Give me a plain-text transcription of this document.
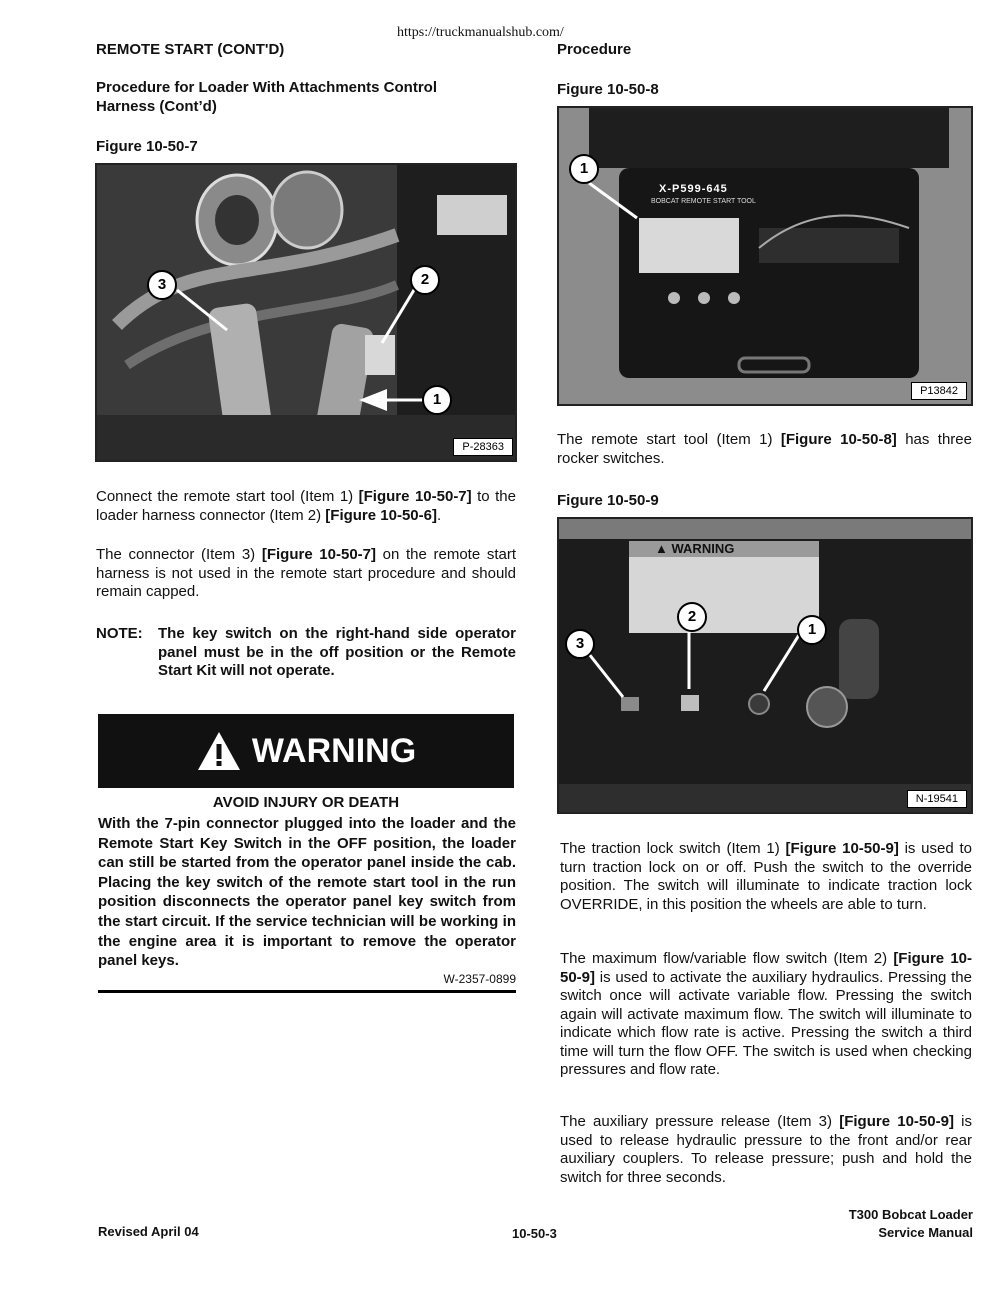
https://truckmanualshub.com/
REMOTE START (CONT'D)	Procedure
Procedure for Loader With Attachments Control
Harness (Cont’d)
Figure 10-50-7
3	2
1
P-28363
Connect the remote start tool (Item 1) [Figure 10-50-7] to the loader harness connector (Item 2) [Figure 10-50-6].
The connector (Item 3) [Figure 10-50-7] on the remote start harness is not used in the remote start procedure and should remain capped.
NOTE: The key switch on the right-hand side operator panel must be in the off position or the Remote Start Kit will not operate.
WARNING
AVOID INJURY OR DEATH
With the 7-pin connector plugged into the loader and the Remote Start Key Switch in the OFF position, the loader can still be started from the operator panel inside the cab. Placing the key switch of the remote start tool in the run position disconnects the operator panel key switch from the start circuit. If the service technician will be working in the engine area it is important to remove the operator panel keys.
W-2357-0899
Figure 10-50-8
X-P599-645
BOBCAT REMOTE START TOOL
1
P13842
The remote start tool (Item 1) [Figure 10-50-8] has three rocker switches.
Figure 10-50-9
▲ WARNING
2
1
3
N-19541
The traction lock switch (Item 1) [Figure 10-50-9] is used to turn traction lock on or off. Push the switch to the override position. The switch will illuminate to indicate traction lock OVERRIDE, in this position the wheels are able to turn.
The maximum flow/variable flow switch (Item 2) [Figure 10-50-9] is used to activate the auxiliary hydraulics. Pressing the switch once will activate variable flow. Pressing the switch again will activate maximum flow. The switch will illuminate to indicate which flow rate is active. Pressing the switch a third time will turn the flow OFF. The switch is used when checking pressures and flow rate.
The auxiliary pressure release (Item 3) [Figure 10-50-9] is used to release hydraulic pressure to the front and/or rear auxiliary couplers. To release pressure; push and hold the switch for three seconds.
Revised April 04	10-50-3
T300 Bobcat Loader
Service Manual
